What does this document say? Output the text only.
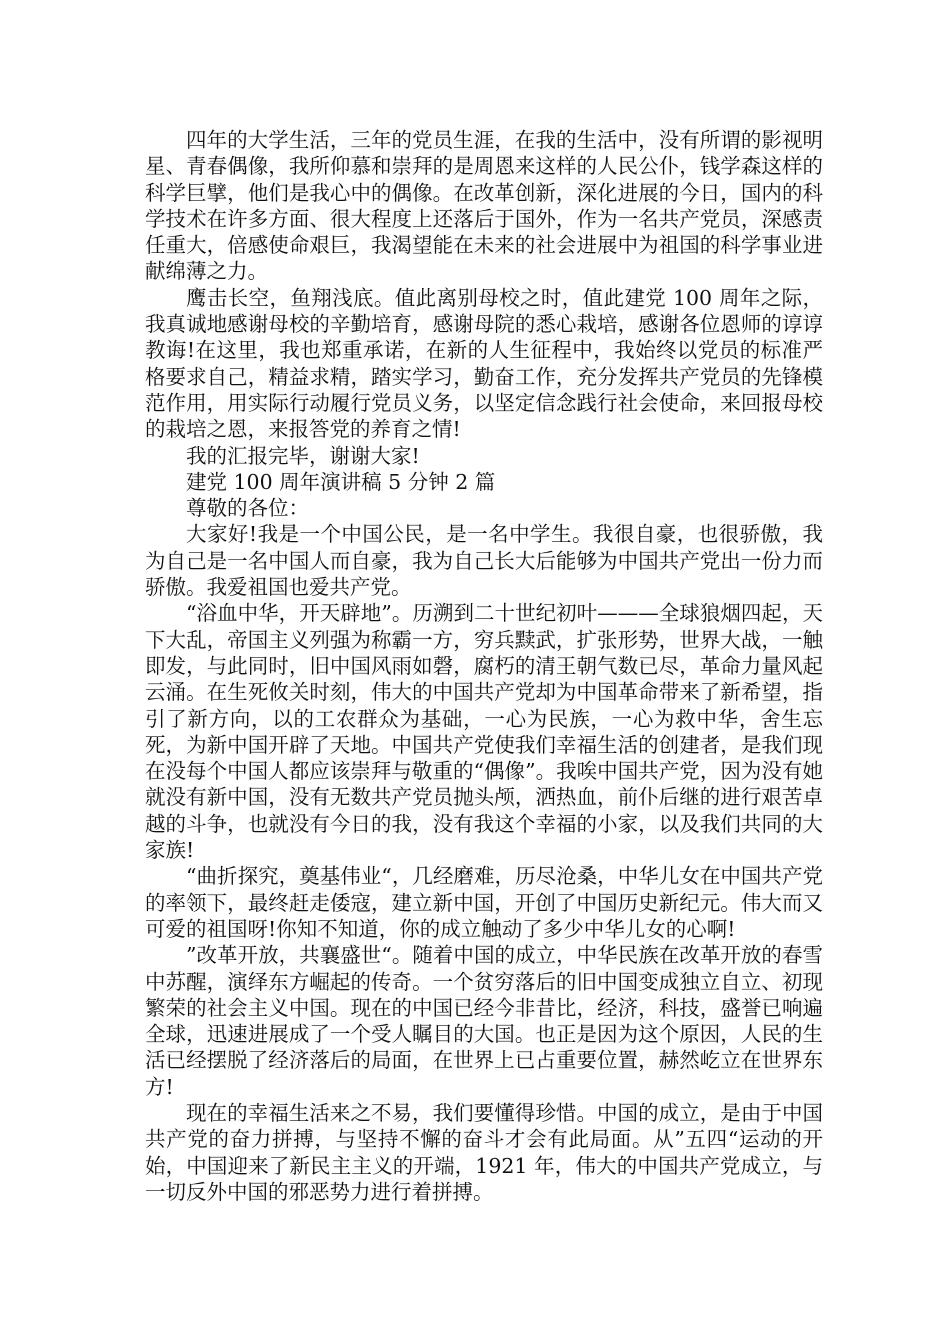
四年的大学生活，三年的党员生涯，在我的生活中，没有所谓的影视明星、青春偶像，我所仰慕和崇拜的是周恩来这样的人民公仆，钱学森这样的科学巨擘，他们是我心中的偶像。在改革创新，深化进展的今日，国内的科学技术在许多方面、很大程度上还落后于国外，作为一名共产党员，深感责任重大，倍感使命艰巨，我渴望能在未来的社会进展中为祖国的科学事业进献绵薄之力。

鹰击长空，鱼翔浅底。值此离别母校之时，值此建党 100 周年之际，我真诚地感谢母校的辛勤培育，感谢母院的悉心栽培，感谢各位恩师的谆谆教诲!在这里，我也郑重承诺，在新的人生征程中，我始终以党员的标准严格要求自己，精益求精，踏实学习，勤奋工作，充分发挥共产党员的先锋模范作用，用实际行动履行党员义务，以坚定信念践行社会使命，来回报母校的栽培之恩，来报答党的养育之情!

我的汇报完毕，谢谢大家!

建党 100 周年演讲稿 5 分钟 2 篇

尊敬的各位：

大家好!我是一个中国公民，是一名中学生。我很自豪，也很骄傲，我为自己是一名中国人而自豪，我为自己长大后能够为中国共产党出一份力而骄傲。我爱祖国也爱共产党。

“浴血中华，开天辟地”。历溯到二十世纪初叶———全球狼烟四起，天下大乱，帝国主义列强为称霸一方，穷兵黩武，扩张形势，世界大战，一触即发，与此同时，旧中国风雨如磬，腐朽的清王朝气数已尽，革命力量风起云涌。在生死攸关时刻，伟大的中国共产党却为中国革命带来了新希望，指引了新方向，以的工农群众为基础，一心为民族，一心为救中华，舍生忘死，为新中国开辟了天地。中国共产党使我们幸福生活的创建者，是我们现在没每个中国人都应该崇拜与敬重的“偶像”。我唉中国共产党，因为没有她就没有新中国，没有无数共产党员抛头颅，洒热血，前仆后继的进行艰苦卓越的斗争，也就没有今日的我，没有我这个幸福的小家，以及我们共同的大家族!

“曲折探究，奠基伟业“，几经磨难，历尽沧桑，中华儿女在中国共产党的率领下，最终赶走倭寇，建立新中国，开创了中国历史新纪元。伟大而又可爱的祖国呀!你知不知道，你的成立触动了多少中华儿女的心啊!

”改革开放，共襄盛世“。随着中国的成立，中华民族在改革开放的春雪中苏醒，演绎东方崛起的传奇。一个贫穷落后的旧中国变成独立自立、初现繁荣的社会主义中国。现在的中国已经今非昔比，经济，科技，盛誉已响遍全球，迅速进展成了一个受人瞩目的大国。也正是因为这个原因，人民的生活已经摆脱了经济落后的局面，在世界上已占重要位置，赫然屹立在世界东方!

现在的幸福生活来之不易，我们要懂得珍惜。中国的成立，是由于中国共产党的奋力拼搏，与坚持不懈的奋斗才会有此局面。从”五四“运动的开始，中国迎来了新民主主义的开端，1921 年，伟大的中国共产党成立，与一切反外中国的邪恶势力进行着拼搏。
